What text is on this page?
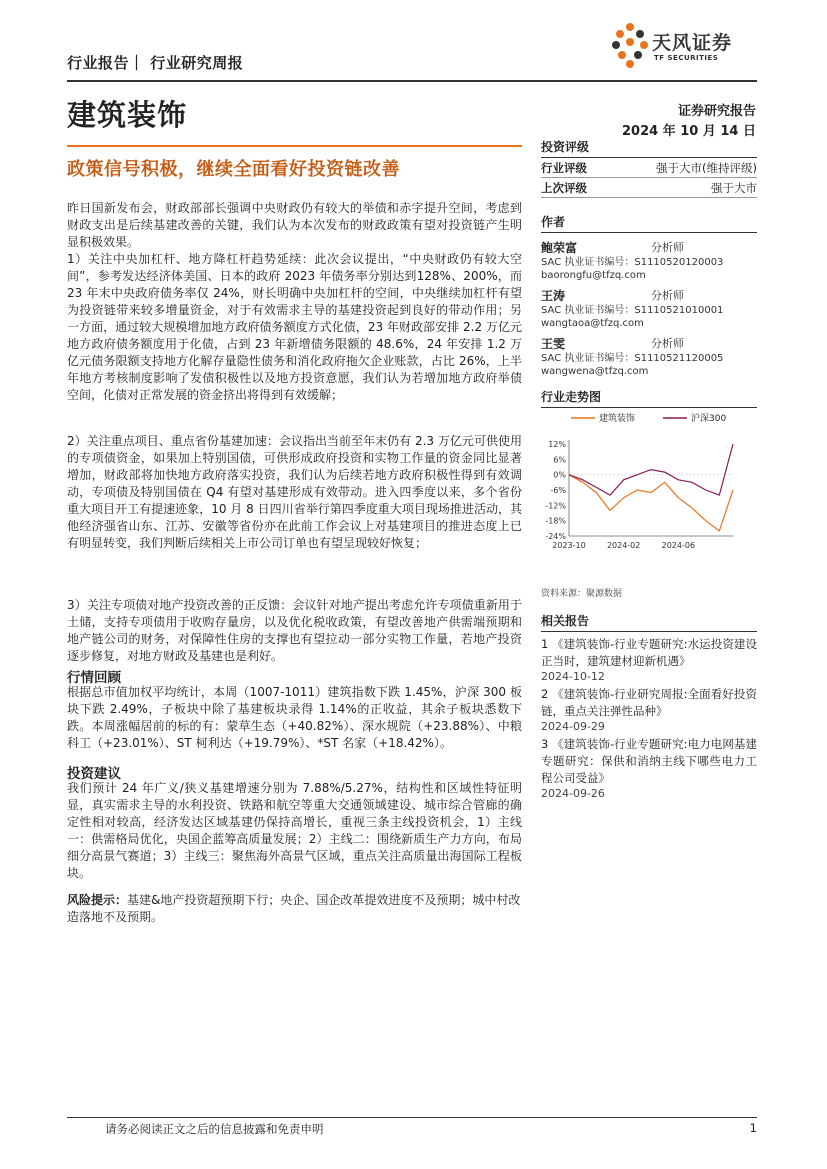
行业报告｜ 行业研究周报
天风证券
TF SECURITIES
建筑装饰	证券研究报告
2024 年 10 月 14 日
政策信号积极，继续全面看好投资链改善

昨日国新发布会，财政部部长强调中央财政仍有较大的举债和赤字提升空间，考虑到财政支出是后续基建改善的关键，我们认为本次发布的财政政策有望对投资链产生明显积极效果。

1）关注中央加杠杆、地方降杠杆趋势延续：此次会议提出，“中央财政仍有较大空间”，参考发达经济体美国、日本的政府 2023 年债务率分别达到128%、200%，而 23 年末中央政府债务率仅 24%，财长明确中央加杠杆的空间，中央继续加杠杆有望为投资链带来较多增量资金，对于有效需求主导的基建投资起到良好的带动作用；另一方面，通过较大规模增加地方政府债务额度方式化债，23 年财政部安排 2.2 万亿元地方政府债务额度用于化债，占到 23 年新增债务限额的 48.6%，24 年安排 1.2 万亿元债务限额支持地方化解存量隐性债务和消化政府拖欠企业账款，占比 26%，上半年地方考核制度影响了发债积极性以及地方投资意愿，我们认为若增加地方政府举债空间，化债对正常发展的资金挤出将得到有效缓解；

2）关注重点项目、重点省份基建加速：会议指出当前至年末仍有 2.3 万亿元可供使用的专项债资金，如果加上特别国债，可供形成政府投资和实物工作量的资金同比显著增加，财政部将加快地方政府落实投资，我们认为后续若地方政府积极性得到有效调动，专项债及特别国债在 Q4 有望对基建形成有效带动。进入四季度以来，多个省份重大项目开工有提速迹象，10 月 8 日四川省举行第四季度重大项目现场推进活动，其他经济强省山东、江苏、安徽等省份亦在此前工作会议上对基建项目的推进态度上已有明显转变，我们判断后续相关上市公司订单也有望呈现较好恢复；

3）关注专项债对地产投资改善的正反馈：会议针对地产提出考虑允许专项债重新用于土储，支持专项债用于收购存量房，以及优化税收政策，有望改善地产供需端预期和地产链公司的财务，对保障性住房的支撑也有望拉动一部分实物工作量，若地产投资逐步修复，对地方财政及基建也是利好。

行情回顾

根据总市值加权平均统计，本周（1007-1011）建筑指数下跌 1.45%，沪深 300 板块下跌 2.49%，子板块中除了基建板块录得 1.14%的正收益，其余子板块悉数下跌。本周涨幅居前的标的有：蒙草生态（+40.82%）、深水规院（+23.88%）、中粮科工（+23.01%）、ST 柯利达（+19.79%）、*ST 名家（+18.42%）。

投资建议

我们预计 24 年广义/狭义基建增速分别为 7.88%/5.27%，结构性和区域性特征明显，真实需求主导的水利投资、铁路和航空等重大交通领域建设、城市综合管廊的确定性相对较高，经济发达区域基建仍保持高增长，重视三条主线投资机会，1）主线一：供需格局优化，央国企蓝筹高质量发展；2）主线二：围绕新质生产力方向，布局细分高景气赛道；3）主线三：聚焦海外高景气区域，重点关注高质量出海国际工程板块。

风险提示：基建&地产投资超预期下行；央企、国企改革提效进度不及预期；城中村改造落地不及预期。
投资评级
行业评级	强于大市(维持评级)
上次评级	强于大市
作者
鲍荣富	分析师
SAC 执业证书编号：S1110520120003
baorongfu@tfzq.com
王涛	分析师
SAC 执业证书编号：S1110521010001
wangtaoa@tfzq.com
王雯	分析师
SAC 执业证书编号：S1110521120005
wangwena@tfzq.com
行业走势图
建筑装饰	沪深300
12%
6%
0%
-6%
-12%
-18%
-24%
2023-10	2024-02	2024-06
资料来源：聚源数据
相关报告
1 《建筑装饰-行业专题研究:水运投资建设正当时，建筑建材迎新机遇》
2024-10-12
2 《建筑装饰-行业研究周报:全面看好投资链，重点关注弹性品种》
2024-09-29
3 《建筑装饰-行业专题研究:电力电网基建专题研究：保供和消纳主线下哪些电力工程公司受益》
2024-09-26
请务必阅读正文之后的信息披露和免责申明	1
